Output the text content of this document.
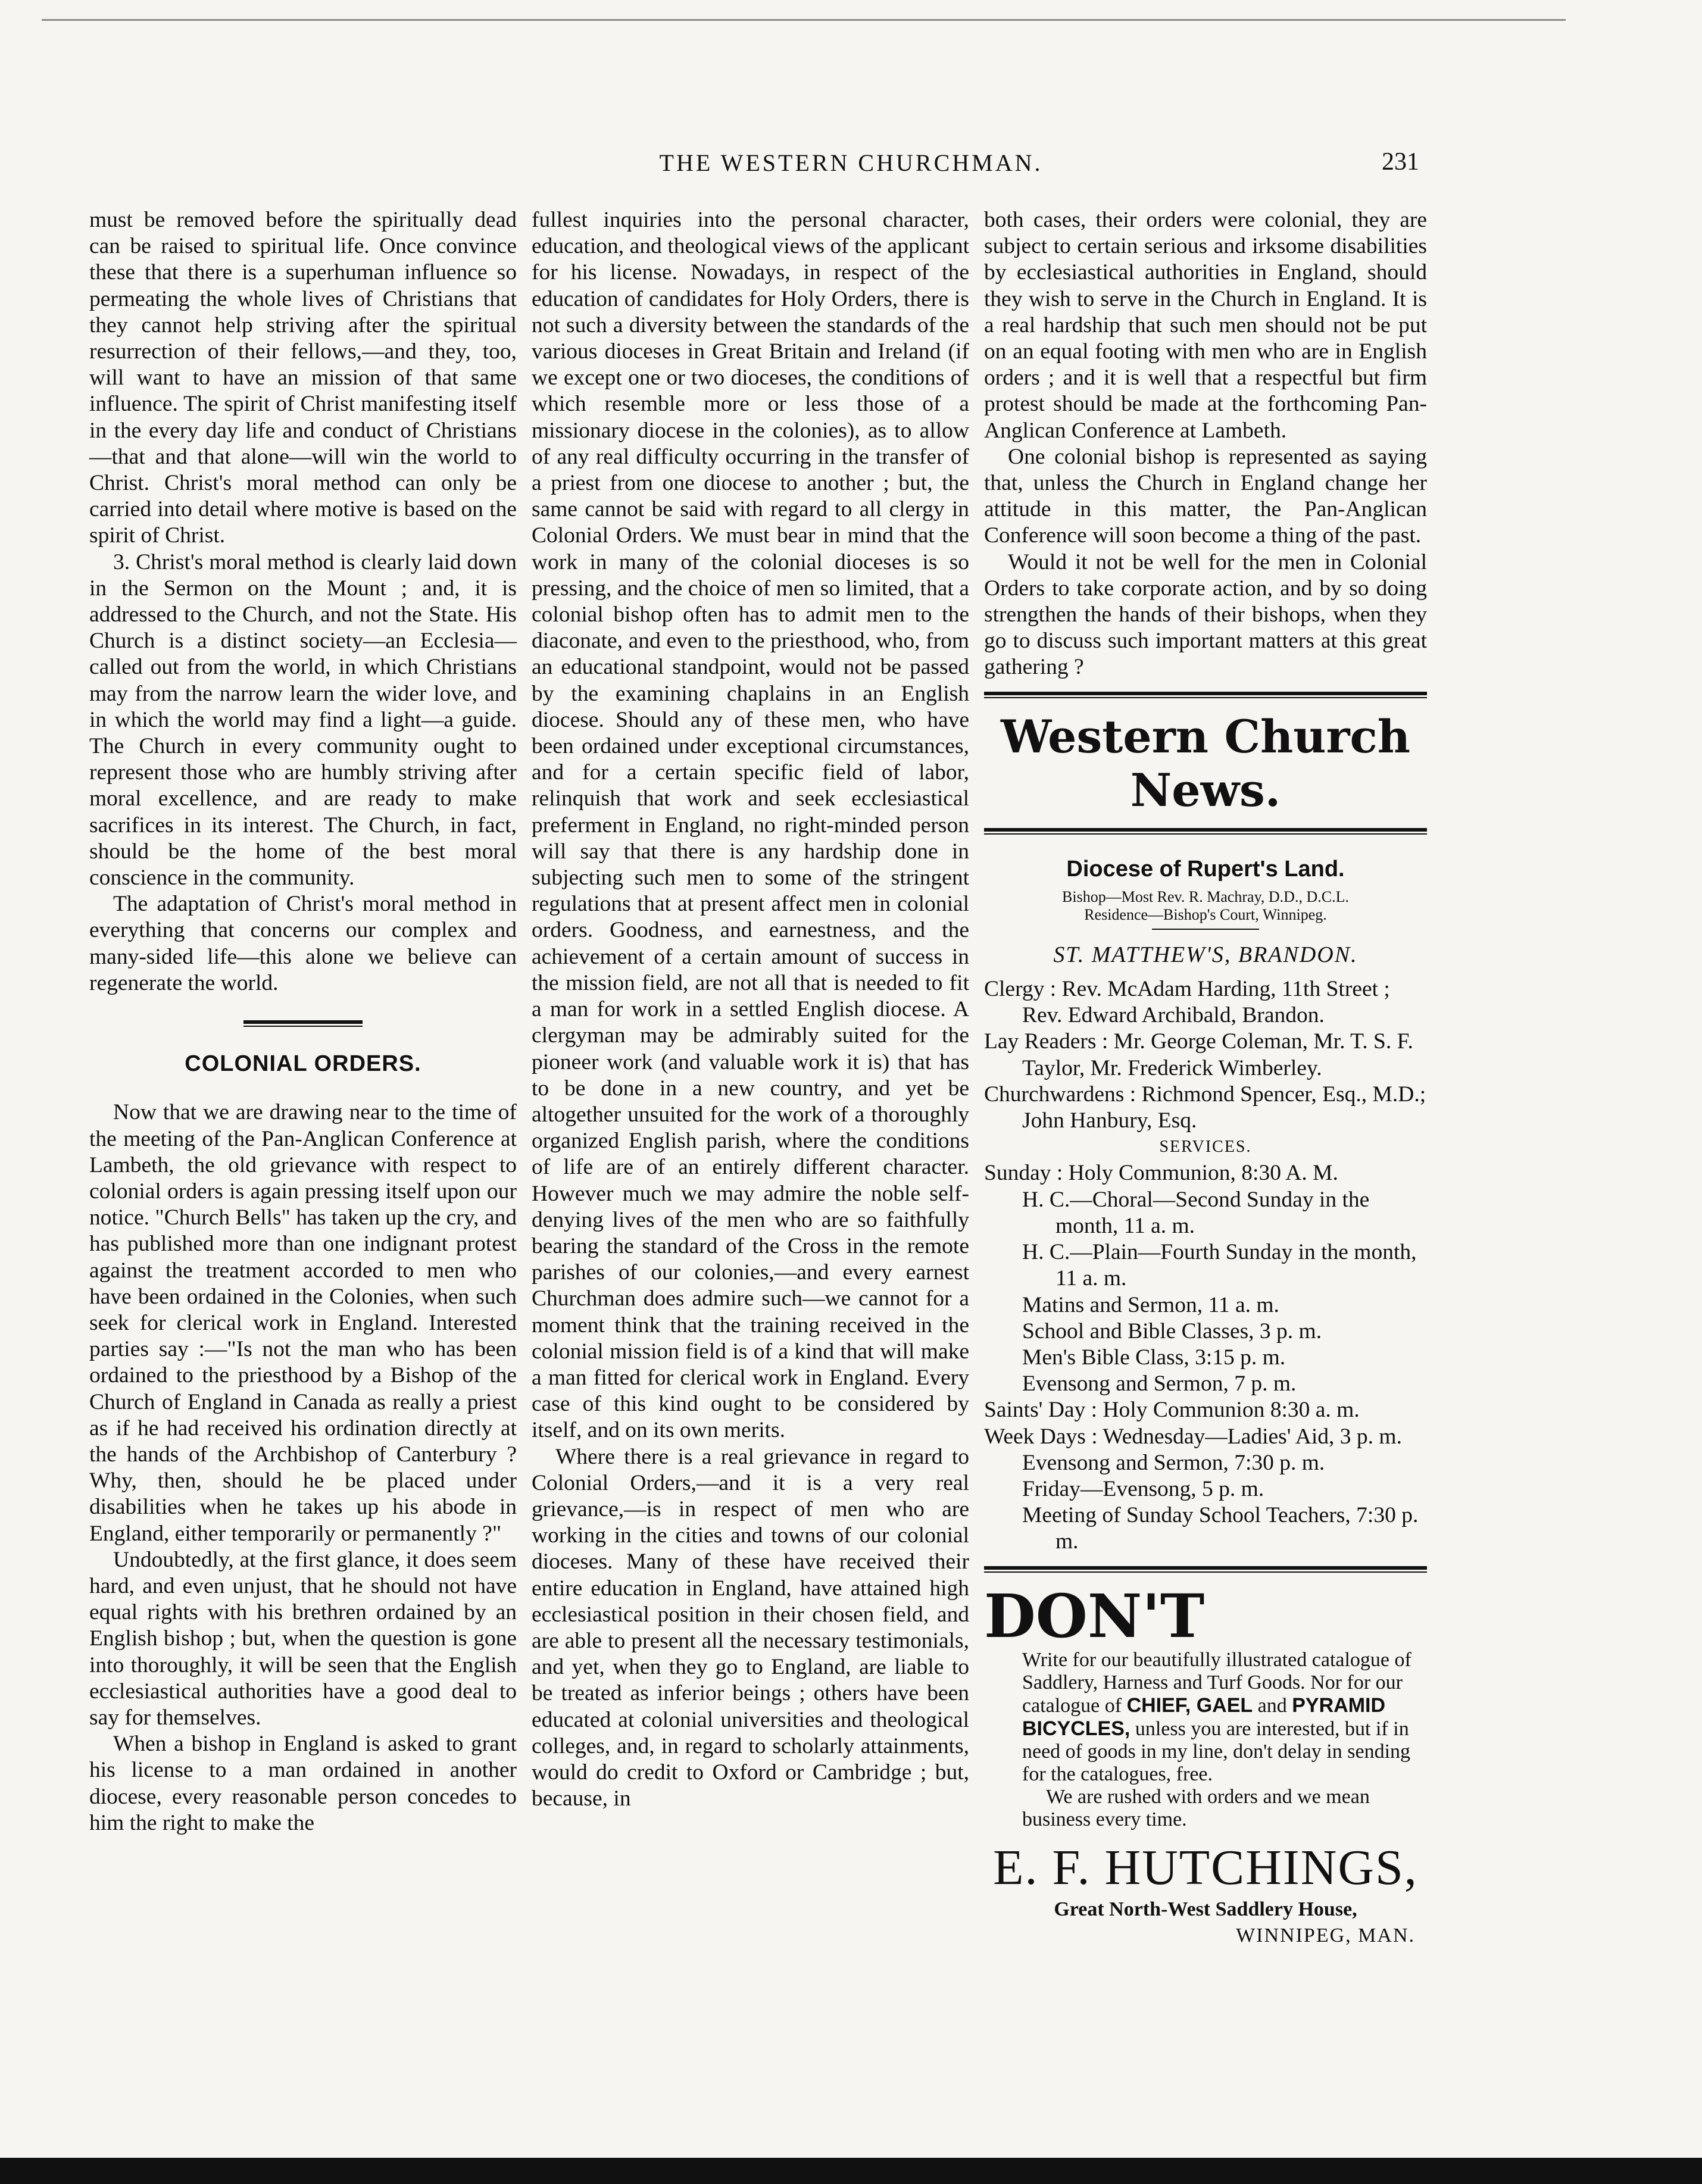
THE WESTERN CHURCHMAN.	231

must be removed before the spiritually dead can be raised to spiritual life. Once convince these that there is a superhuman influence so permeating the whole lives of Christians that they cannot help striving after the spiritual resurrection of their fellows,—and they, too, will want to have an mission of that same influence. The spirit of Christ manifesting itself in the every day life and conduct of Christians—that and that alone—will win the world to Christ. Christ's moral method can only be carried into detail where motive is based on the spirit of Christ.

3. Christ's moral method is clearly laid down in the Sermon on the Mount ; and, it is addressed to the Church, and not the State. His Church is a distinct society—an Ecclesia—called out from the world, in which Christians may from the narrow learn the wider love, and in which the world may find a light—a guide. The Church in every community ought to represent those who are humbly striving after moral excellence, and are ready to make sacrifices in its interest. The Church, in fact, should be the home of the best moral conscience in the community.

The adaptation of Christ's moral method in everything that concerns our complex and many-sided life—this alone we believe can regenerate the world.

COLONIAL ORDERS.

Now that we are drawing near to the time of the meeting of the Pan-Anglican Conference at Lambeth, the old grievance with respect to colonial orders is again pressing itself upon our notice. "Church Bells" has taken up the cry, and has published more than one indignant protest against the treatment accorded to men who have been ordained in the Colonies, when such seek for clerical work in England. Interested parties say :—"Is not the man who has been ordained to the priesthood by a Bishop of the Church of England in Canada as really a priest as if he had received his ordination directly at the hands of the Archbishop of Canterbury ? Why, then, should he be placed under disabilities when he takes up his abode in England, either temporarily or permanently ?"

Undoubtedly, at the first glance, it does seem hard, and even unjust, that he should not have equal rights with his brethren ordained by an English bishop ; but, when the question is gone into thoroughly, it will be seen that the English ecclesiastical authorities have a good deal to say for themselves.

When a bishop in England is asked to grant his license to a man ordained in another diocese, every reasonable person concedes to him the right to make the

fullest inquiries into the personal character, education, and theological views of the applicant for his license. Nowadays, in respect of the education of candidates for Holy Orders, there is not such a diversity between the standards of the various dioceses in Great Britain and Ireland (if we except one or two dioceses, the conditions of which resemble more or less those of a missionary diocese in the colonies), as to allow of any real difficulty occurring in the transfer of a priest from one diocese to another ; but, the same cannot be said with regard to all clergy in Colonial Orders. We must bear in mind that the work in many of the colonial dioceses is so pressing, and the choice of men so limited, that a colonial bishop often has to admit men to the diaconate, and even to the priesthood, who, from an educational standpoint, would not be passed by the examining chaplains in an English diocese. Should any of these men, who have been ordained under exceptional circumstances, and for a certain specific field of labor, relinquish that work and seek ecclesiastical preferment in England, no right-minded person will say that there is any hardship done in subjecting such men to some of the stringent regulations that at present affect men in colonial orders. Goodness, and earnestness, and the achievement of a certain amount of success in the mission field, are not all that is needed to fit a man for work in a settled English diocese. A clergyman may be admirably suited for the pioneer work (and valuable work it is) that has to be done in a new country, and yet be altogether unsuited for the work of a thoroughly organized English parish, where the conditions of life are of an entirely different character. However much we may admire the noble self-denying lives of the men who are so faithfully bearing the standard of the Cross in the remote parishes of our colonies,—and every earnest Churchman does admire such—we cannot for a moment think that the training received in the colonial mission field is of a kind that will make a man fitted for clerical work in England. Every case of this kind ought to be considered by itself, and on its own merits.

Where there is a real grievance in regard to Colonial Orders,—and it is a very real grievance,—is in respect of men who are working in the cities and towns of our colonial dioceses. Many of these have received their entire education in England, have attained high ecclesiastical position in their chosen field, and are able to present all the necessary testimonials, and yet, when they go to England, are liable to be treated as inferior beings ; others have been educated at colonial universities and theological colleges, and, in regard to scholarly attainments, would do credit to Oxford or Cambridge ; but, because, in

both cases, their orders were colonial, they are subject to certain serious and irksome disabilities by ecclesiastical authorities in England, should they wish to serve in the Church in England. It is a real hardship that such men should not be put on an equal footing with men who are in English orders ; and it is well that a respectful but firm protest should be made at the forthcoming Pan-Anglican Conference at Lambeth.

One colonial bishop is represented as saying that, unless the Church in England change her attitude in this matter, the Pan-Anglican Conference will soon become a thing of the past.

Would it not be well for the men in Colonial Orders to take corporate action, and by so doing strengthen the hands of their bishops, when they go to discuss such important matters at this great gathering ?

Western Church News.
Diocese of Rupert's Land.
Bishop—Most Rev. R. Machray, D.D., D.C.L.
Residence—Bishop's Court, Winnipeg.
ST. MATTHEW'S, BRANDON.

Clergy : Rev. McAdam Harding, 11th Street ; Rev. Edward Archibald, Brandon.

Lay Readers : Mr. George Coleman, Mr. T. S. F. Taylor, Mr. Frederick Wimberley.

Churchwardens : Richmond Spencer, Esq., M.D.; John Hanbury, Esq.

SERVICES.

Sunday : Holy Communion, 8:30 A. M.

H. C.—Choral—Second Sunday in the month, 11 a. m.

H. C.—Plain—Fourth Sunday in the month, 11 a. m.

Matins and Sermon, 11 a. m.

School and Bible Classes, 3 p. m.

Men's Bible Class, 3:15 p. m.

Evensong and Sermon, 7 p. m.

Saints' Day : Holy Communion 8:30 a. m.

Week Days : Wednesday—Ladies' Aid, 3 p. m.

Evensong and Sermon, 7:30 p. m.

Friday—Evensong, 5 p. m.

Meeting of Sunday School Teachers, 7:30 p. m.

DON'T
Write for our beautifully illustrated catalogue of Saddlery, Harness and Turf Goods. Nor for our catalogue of CHIEF, GAEL and PYRAMID BICYCLES, unless you are interested, but if in need of goods in my line, don't delay in sending for the catalogues, free.
We are rushed with orders and we mean business every time.
E. F. HUTCHINGS,
Great North-West Saddlery House,
WINNIPEG, MAN.
